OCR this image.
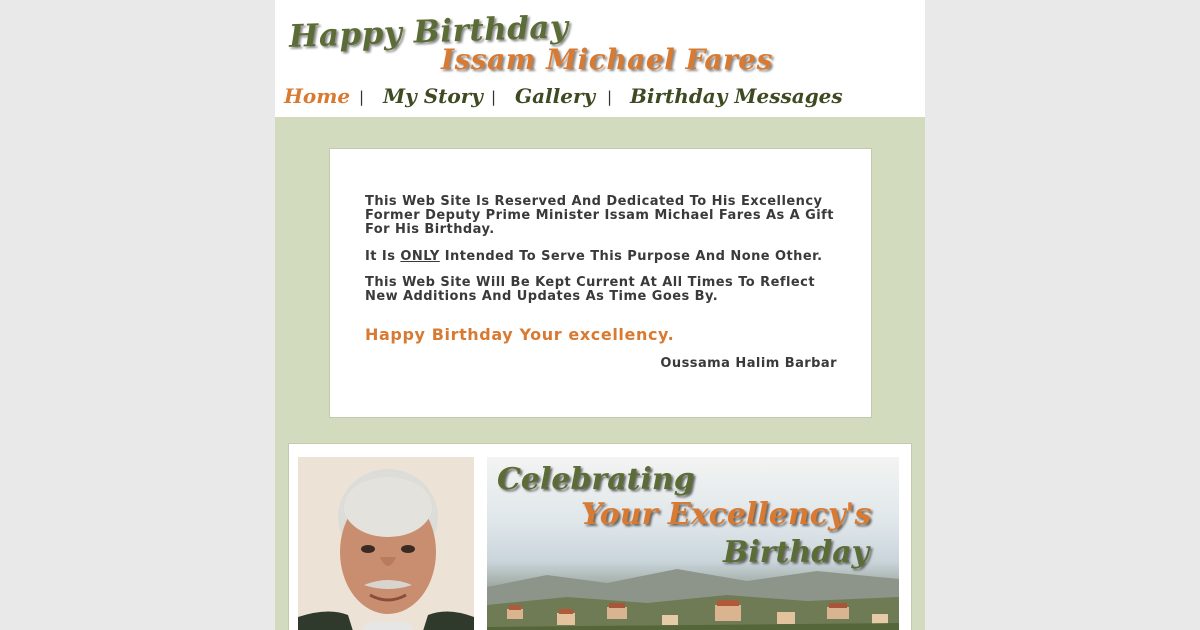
Happy Birthday
Issam Michael Fares
Home | My Story | Gallery | Birthday Messages

This Web Site Is Reserved And Dedicated To His Excellency Former Deputy Prime Minister Issam Michael Fares As A Gift For His Birthday.

It Is ONLY Intended To Serve This Purpose And None Other.

This Web Site Will Be Kept Current At All Times To Reflect New Additions And Updates As Time Goes By.

Happy Birthday Your excellency.
Oussama Halim Barbar
Celebrating
Your Excellency's
Birthday
